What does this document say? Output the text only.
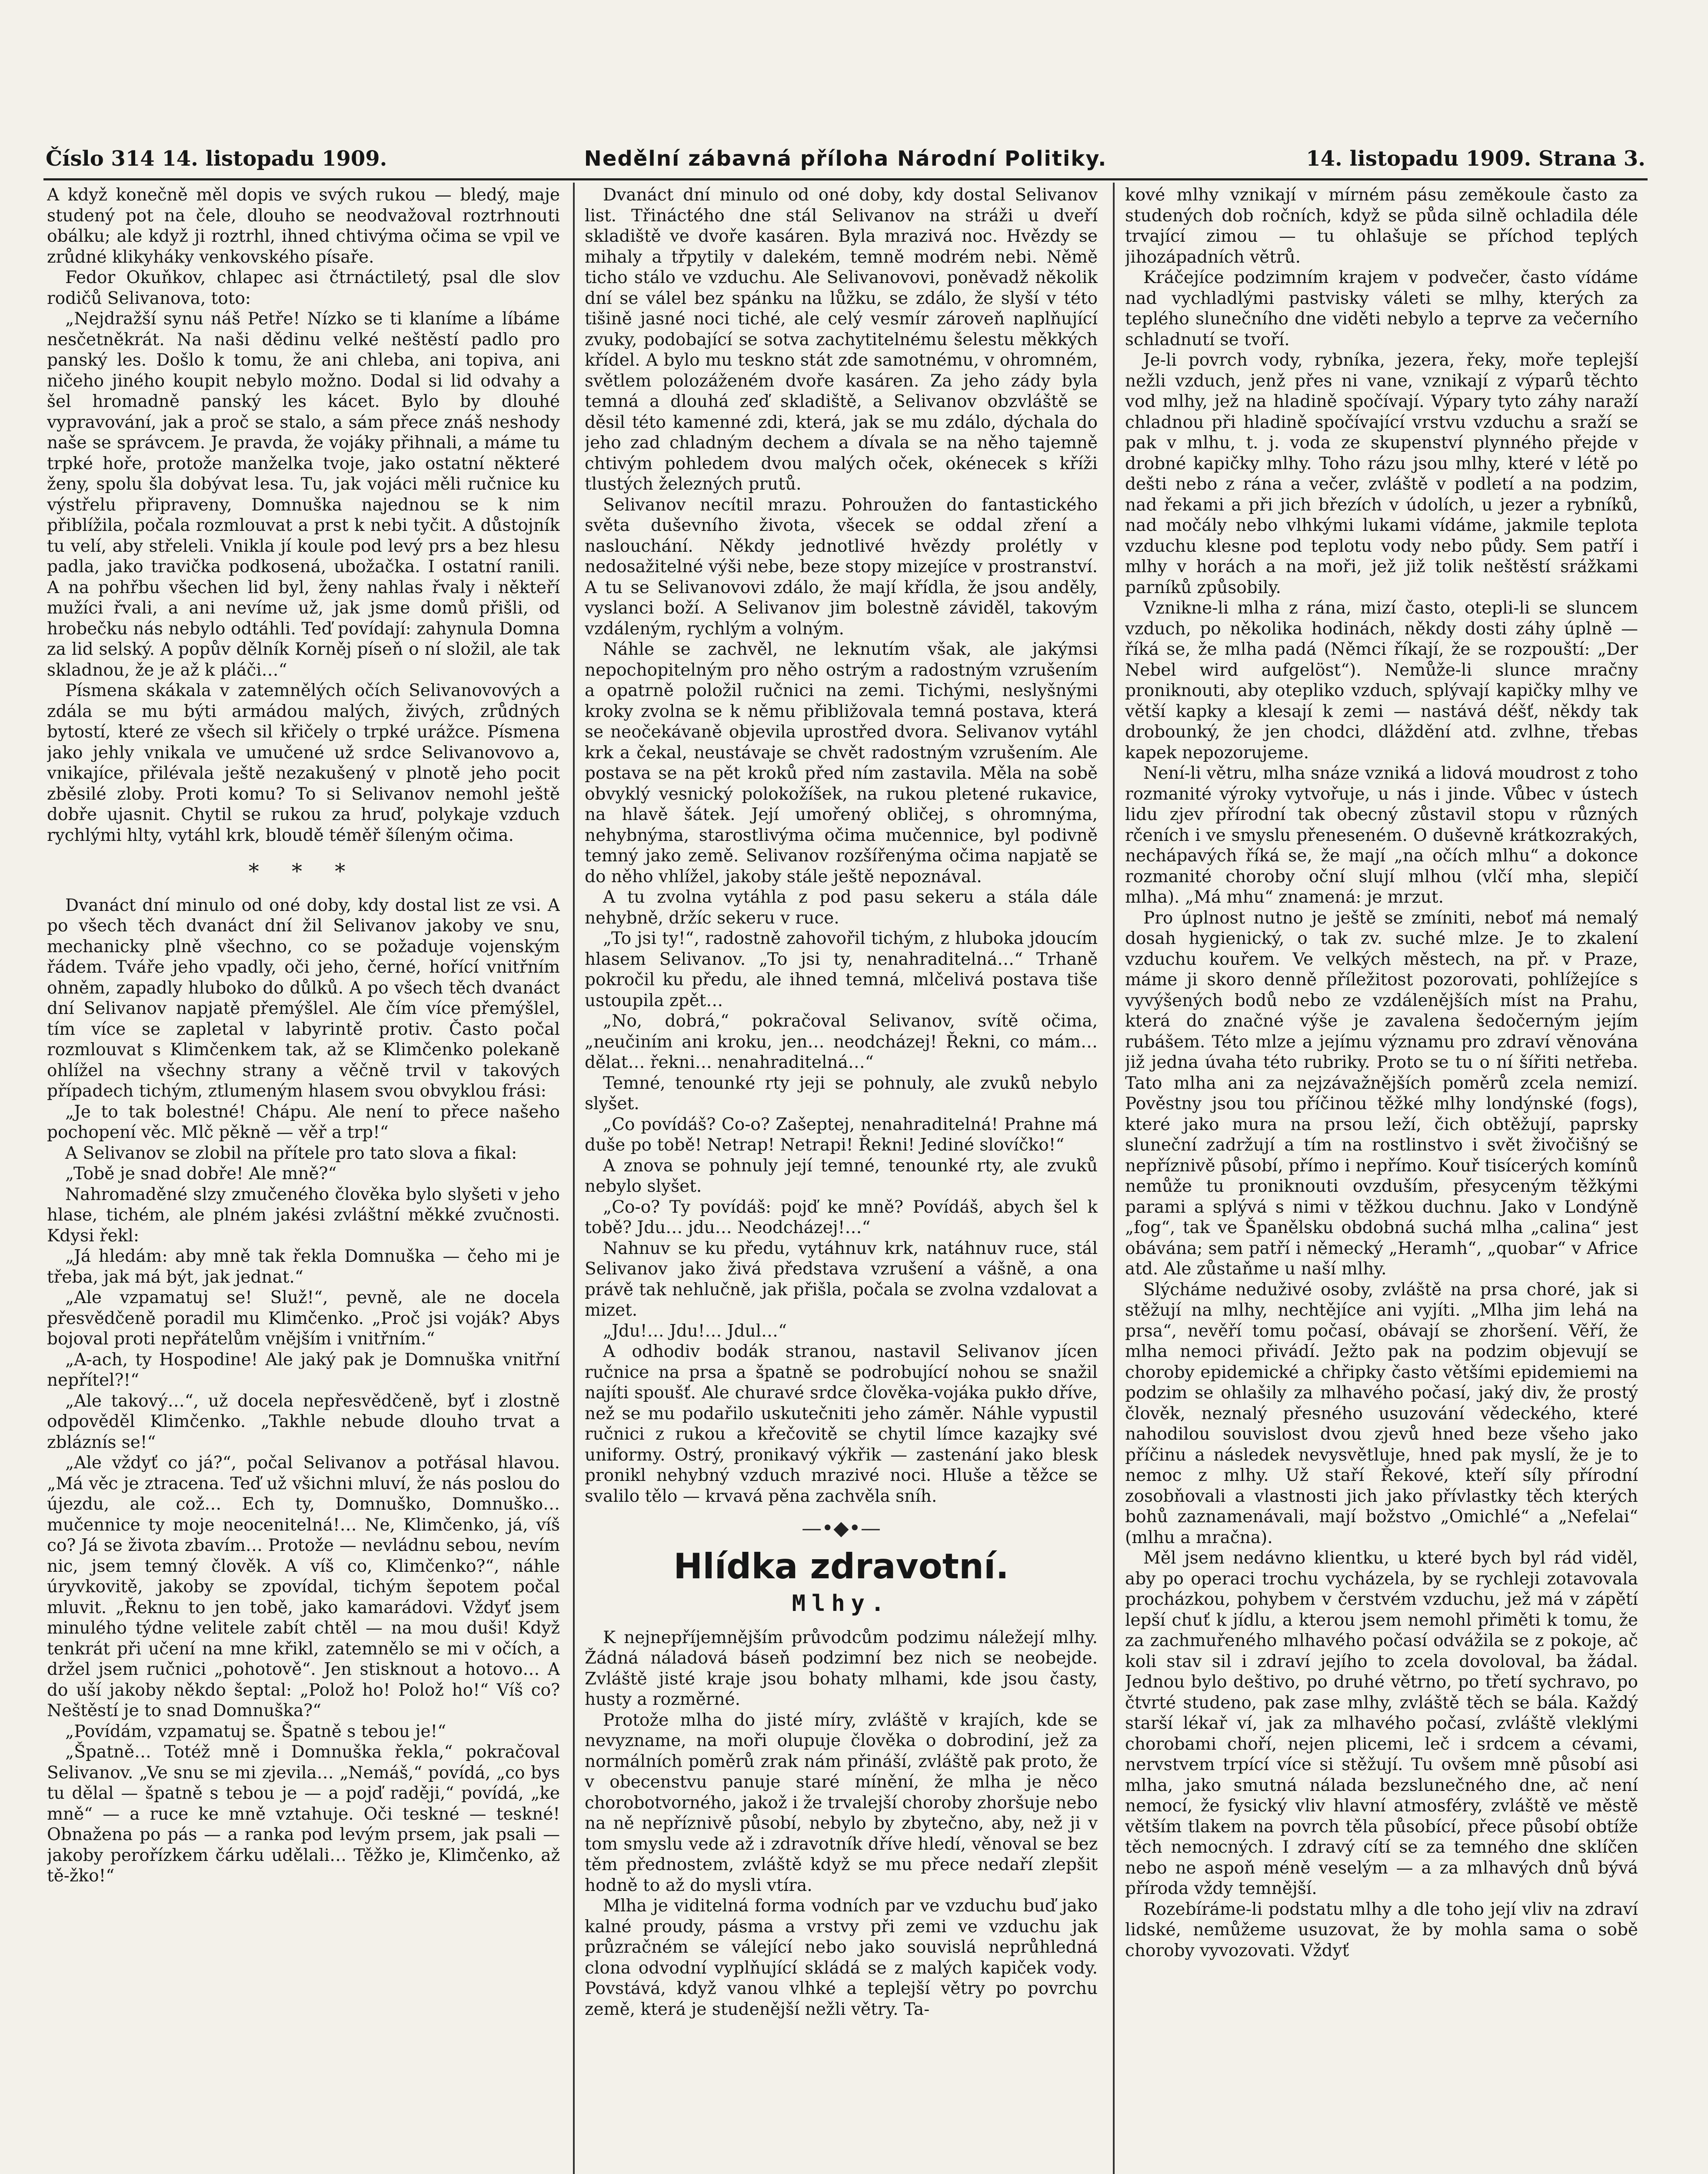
Číslo 314 14. listopadu 1909.	Nedělní zábavná příloha Národní Politiky.	14. listopadu 1909. Strana 3.

A když konečně měl dopis ve svých rukou — bledý, maje studený pot na čele, dlouho se neodvažoval roztrhnouti obálku; ale když ji roztrhl, ihned chtivýma očima se vpil ve zrůdné klikyháky venkovského písaře.

Fedor Okuňkov, chlapec asi čtrnáctiletý, psal dle slov rodičů Selivanova, toto:

„Nejdražší synu náš Petře! Nízko se ti klaníme a líbáme nesčetněkrát. Na naši dědinu velké neštěstí padlo pro panský les. Došlo k tomu, že ani chleba, ani topiva, ani ničeho jiného koupit nebylo možno. Dodal si lid odvahy a šel hromadně panský les kácet. Bylo by dlouhé vypravování, jak a proč se stalo, a sám přece znáš neshody naše se správcem. Je pravda, že vojáky přihnali, a máme tu trpké hoře, protože manželka tvoje, jako ostatní některé ženy, spolu šla dobývat lesa. Tu, jak vojáci měli ručnice ku výstřelu připraveny, Domnuška najednou se k nim přiblížila, počala rozmlouvat a prst k nebi tyčit. A důstojník tu velí, aby střeleli. Vnikla jí koule pod levý prs a bez hlesu padla, jako travička podkosená, ubožačka. I ostatní ranili. A na pohřbu všechen lid byl, ženy nahlas řvaly i někteří mužíci řvali, a ani nevíme už, jak jsme domů přišli, od hrobečku nás nebylo odtáhli. Teď povídají: zahynula Domna za lid selský. A popův dělník Korněj píseň o ní složil, ale tak skladnou, že je až k pláči…“

Písmena skákala v zatemnělých očích Selivanovových a zdála se mu býti armádou malých, živých, zrůdných bytostí, které ze všech sil křičely o trpké urážce. Písmena jako jehly vnikala ve umučené už srdce Selivanovovo a, vnikajíce, přilévala ještě nezakušený v plnotě jeho pocit zběsilé zloby. Proti komu? To si Selivanov nemohl ještě dobře ujasnit. Chytil se rukou za hruď, polykaje vzduch rychlými hlty, vytáhl krk, bloudě téměř šíleným očima.

* * *

Dvanáct dní minulo od oné doby, kdy dostal list ze vsi. A po všech těch dvanáct dní žil Selivanov jakoby ve snu, mechanicky plně všechno, co se požaduje vojenským řádem. Tváře jeho vpadly, oči jeho, černé, hořící vnitřním ohněm, zapadly hluboko do důlků. A po všech těch dvanáct dní Selivanov napjatě přemýšlel. Ale čím více přemýšlel, tím více se zapletal v labyrintě protiv. Často počal rozmlouvat s Klimčenkem tak, až se Klimčenko polekaně ohlížel na všechny strany a věčně trvil v takových případech tichým, ztlumeným hlasem svou obvyklou frási:

„Je to tak bolestné! Chápu. Ale není to přece našeho pochopení věc. Mlč pěkně — věř a trp!“

A Selivanov se zlobil na přítele pro tato slova a fikal:

„Tobě je snad dobře! Ale mně?“

Nahromaděné slzy zmučeného člověka bylo slyšeti v jeho hlase, tichém, ale plném jakési zvláštní měkké zvučnosti. Kdysi řekl:

„Já hledám: aby mně tak řekla Domnuška — čeho mi je třeba, jak má být, jak jednat.“

„Ale vzpamatuj se! Služ!“, pevně, ale ne docela přesvědčeně poradil mu Klimčenko. „Proč jsi voják? Abys bojoval proti nepřátelům vnějším i vnitřním.“

„A-ach, ty Hospodine! Ale jaký pak je Domnuška vnitřní nepřítel?!“

„Ale takový…“, už docela nepřesvědčeně, byť i zlostně odpověděl Klimčenko. „Takhle nebude dlouho trvat a zbláznís se!“

„Ale vždyť co já?“, počal Selivanov a potřásal hlavou. „Má věc je ztracena. Teď už všichni mluví, že nás poslou do újezdu, ale což… Ech ty, Domnuško, Domnuško… mučennice ty moje neocenitelná!… Ne, Klimčenko, já, víš co? Já se života zbavím… Protože — nevládnu sebou, nevím nic, jsem temný člověk. A víš co, Klimčenko?“, náhle úryvkovitě, jakoby se zpovídal, tichým šepotem počal mluvit. „Řeknu to jen tobě, jako kamarádovi. Vždyť jsem minulého týdne velitele zabít chtěl — na mou duši! Když tenkrát při učení na mne křikl, zatemnělo se mi v očích, a držel jsem ručnici „pohotově“. Jen stisknout a hotovo… A do uší jakoby někdo šeptal: „Polož ho! Polož ho!“ Víš co? Neštěstí je to snad Domnuška?“

„Povídám, vzpamatuj se. Špatně s tebou je!“

„Špatně… Totéž mně i Domnuška řekla,“ pokračoval Selivanov. „Ve snu se mi zjevila… „Nemáš,“ povídá, „co bys tu dělal — špatně s tebou je — a pojď raději,“ povídá, „ke mně“ — a ruce ke mně vztahuje. Oči teskné — teskné! Obnažena po pás — a ranka pod levým prsem, jak psali — jakoby perořízkem čárku udělali… Těžko je, Klimčenko, až tě-žko!“

Dvanáct dní minulo od oné doby, kdy dostal Selivanov list. Třináctého dne stál Selivanov na stráži u dveří skladiště ve dvoře kasáren. Byla mrazivá noc. Hvězdy se mihaly a třpytily v dalekém, temně modrém nebi. Němě ticho stálo ve vzduchu. Ale Selivanovovi, poněvadž několik dní se válel bez spánku na lůžku, se zdálo, že slyší v této tišině jasné noci tiché, ale celý vesmír zároveň naplňující zvuky, podobající se sotva zachytitelnému šelestu měkkých křídel. A bylo mu tesknо stát zde samotnému, v ohromném, světlem polozáženém dvoře kasáren. Za jeho zády byla temná a dlouhá zeď skladiště, a Selivanov obzvláště se děsil této kamenné zdi, která, jak se mu zdálo, dýchala do jeho zad chladným dechem a dívala se na něho tajemně chtivým pohledem dvou malých oček, okénecek s kříži tlustých železných prutů.

Selivanov necítil mrazu. Pohroužen do fantastického světa duševního života, všecek se oddal zření a naslouchání. Někdy jednotlivé hvězdy prolétly v nedosažitelné výši nebe, beze stopy mizejíce v prostranství. A tu se Selivanovovi zdálo, že mají křídla, že jsou anděly, vyslanci boží. A Selivanov jim bolestně záviděl, takovým vzdáleným, rychlým a volným.

Náhle se zachvěl, ne leknutím však, ale jakýmsi nepochopitelným pro něho ostrým a radostným vzrušením a opatrně položil ručnici na zemi. Tichými, neslyšnými kroky zvolna se k němu přibližovala temná postava, která se neočekávaně objevila uprostřed dvora. Selivanov vytáhl krk a čekal, neustávaje se chvět radostným vzrušením. Ale postava se na pět kroků před ním zastavila. Měla na sobě obvyklý vesnický polokožíšek, na rukou pletené rukavice, na hlavě šátek. Její umořený obličej, s ohromnýma, nehybnýma, starostlivýma očima mučennice, byl podivně temný jako země. Selivanov rozšířenýma očima napjatě se do něho vhlížel, jakoby stále ještě nepoznával.

A tu zvolna vytáhla z pod pasu sekeru a stála dále nehybně, držíc sekeru v ruce.

„To jsi ty!“, radostně zahovořil tichým, z hluboka jdoucím hlasem Selivanov. „To jsi ty, nenahraditelná…“ Trhaně pokročil ku předu, ale ihned temná, mlčelivá postava tiše ustoupila zpět…

„No, dobrá,“ pokračoval Selivanov, svítě očima, „neučiním ani kroku, jen… neodcházej! Řekni, co mám… dělat… řekni… nenahraditelná…“

Temné, tenounké rty jeji se pohnuly, ale zvuků nebylo slyšet.

„Co povídáš? Co-o? Zašeptej, nenahraditelná! Prahne má duše po tobě! Netrap! Netrapi! Řekni! Jediné slovíčko!“

A znova se pohnuly její temné, tenounké rty, ale zvuků nebylo slyšet.

„Co-o? Ty povídáš: pojď ke mně? Povídáš, abych šel k tobě? Jdu… jdu… Neodcházej!…“

Nahnuv se ku předu, vytáhnuv krk, natáhnuv ruce, stál Selivanov jako živá představa vzrušení a vášně, a ona právě tak nehlučně, jak přišla, počala se zvolna vzdalovat a mizet.

„Jdu!… Jdu!… Jdul…“

A odhodiv bodák stranou, nastavil Selivanov jícen ručnice na prsa a špatně se podrobující nohou se snažil najíti spoušť. Ale churavé srdce člověka-vojáka pukło dříve, než se mu podařilo uskutečniti jeho záměr. Náhle vypustil ručnici z rukou a křečovitě se chytil límce kazajky své uniformy. Ostrý, pronikavý výkřik — zastenání jako blesk pronikl nehybný vzduch mrazivé noci. Hluše a těžce se svalilo tělo — krvavá pěna zachvěla sníh.

—•◆•—
Hlídka zdravotní.
Mlhy.

K nejnepříjemnějším průvodcům podzimu náležejí mlhy. Žádná náladová báseň podzimní bez nich se neobejde. Zvláště jisté kraje jsou bohaty mlhami, kde jsou časty, husty a rozměrné.

Protože mlha do jisté míry, zvláště v krajích, kde se nevyzname, na moři olupuje člověka o dobrodiní, jež za normálních poměrů zrak nám přináší, zvláště pak proto, že v obecenstvu panuje staré mínění, že mlha je něco chorobotvorného, jakož i že trvalejší choroby zhoršuje nebo na ně nepříznivě působí, nebylo by zbytečno, aby, než ji v tom smyslu vede až i zdravotník dříve hledí, věnoval se bez těm přednostem, zvláště když se mu přece nedaří zlepšit hodně to až do mysli vtíra.

Mlha je viditelná forma vodních par ve vzduchu buď jako kalné proudy, pásma a vrstvy při zemi ve vzduchu jak průzračném se válející nebo jako souvislá neprůhledná clona odvodní vyplňující skládá se z malých kapiček vody. Povstává, když vanou vlhké a teplejší větry po povrchu země, která je studenější nežli větry. Ta-

kové mlhy vznikají v mírném pásu zeměkoule často za studených dob ročních, když se půda silně ochladila déle trvající zimou — tu ohlašuje se příchod teplých jihozápadních větrů.

Kráčejíce podzimním krajem v podvečer, často vídáme nad vychladlými pastvisky váleti se mlhy, kterých za teplého slunečního dne viděti nebylo a teprve za večerního schladnutí se tvoří.

Je-li povrch vody, rybníka, jezera, řeky, moře teplejší nežli vzduch, jenž přes ni vane, vznikají z výparů těchto vod mlhy, jež na hladině spočívají. Výpary tyto záhy naraží chladnou při hladině spočívající vrstvu vzduchu a sraží se pak v mlhu, t. j. voda ze skupenství plynného přejde v drobné kapičky mlhy. Toho rázu jsou mlhy, které v létě po dešti nebo z rána a večer, zvláště v podletí a na podzim, nad řekami a při jich březích v údolích, u jezer a rybníků, nad močály nebo vlhkými lukami vídáme, jakmile teplota vzduchu klesne pod teplotu vody nebo půdy. Sem patří i mlhy v horách a na moři, jež již tolik neštěstí srážkami parníků způsobily.

Vznikne-li mlha z rána, mizí často, otepli-li se sluncem vzduch, po několika hodinách, někdy dosti záhy úplně — říká se, že mlha padá (Němci říkají, že se rozpouští: „Der Nebel wird aufgelöst“). Nemůže-li slunce mračny proniknouti, aby otepliko vzduch, splývají kapičky mlhy ve větší kapky a klesají k zemi — nastává déšť, někdy tak drobounký, že jen chodci, dláždění atd. zvlhne, třebas kapek nepozorujeme.

Není-li větru, mlha snáze vzniká a lidová moudrost z toho rozmanité výroky vytvořuje, u nás i jinde. Vůbec v ústech lidu zjev přírodní tak obecný zůstavil stopu v různých rčeních i ve smyslu přeneseném. O duševně krátkozrakých, nechápavých říká se, že mají „na očích mlhu“ a dokonce rozmanité choroby oční slují mlhou (vlčí mha, slepičí mlha). „Má mhu“ znamená: je mrzut.

Pro úplnost nutno je ještě se zmíniti, neboť má nemalý dosah hygienický, o tak zv. suché mlze. Je to zkalení vzduchu kouřem. Ve velkých městech, na př. v Praze, máme ji skoro denně příležitost pozorovati, pohlížejíce s vyvýšených bodů nebo ze vzdálenějších míst na Prahu, která do značné výše je zavalena šedočerným jejím rubášem. Této mlze a jejímu významu pro zdraví věnována již jedna úvaha této rubriky. Proto se tu o ní šířiti netřeba. Tato mlha ani za nejzávažnějších poměrů zcela nemizí. Pověstny jsou tou příčinou těžké mlhy londýnské (fogs), které jako mura na prsou leží, čich obtěžují, paprsky sluneční zadržují a tím na rostlinstvo i svět živočišný se nepříznivě působí, přímo i nepřímo. Kouř tisícerých komínů nemůže tu proniknouti ovzduším, přesyceným těžkými parami a splývá s nimi v těžkou duchnu. Jako v Londýně „fog“, tak ve Španělsku obdobná suchá mlha „calina“ jest obávána; sem patří i německý „Heramh“, „quobar“ v Africe atd. Ale zůstaňme u naší mlhy.

Slýcháme neduživé osoby, zvláště na prsa choré, jak si stěžují na mlhy, nechtějíce ani vyjíti. „Mlha jim lehá na prsa“, nevěří tomu počasí, obávají se zhoršení. Věří, že mlha nemoci přivádí. Ježto pak na podzim objevují se choroby epidemické a chřipky často většími epidemiemi na podzim se ohlašily za mlhavého počasí, jaký div, že prostý člověk, neznalý přesného usuzování vědeckého, které nahodilou souvislost dvou zjevů hned beze všeho jako příčinu a následek nevysvětluje, hned pak myslí, že je to nemoc z mlhy. Už staří Řekové, kteří síly přírodní zosobňovali a vlastnosti jich jako přívlastky těch kterých bohů zaznamenávali, mají božstvo „Omichlé“ a „Nefelai“ (mlhu a mračna).

Měl jsem nedávno klientku, u které bych byl rád viděl, aby po operaci trochu vycházela, by se rychleji zotavovala procházkou, pohybem v čerstvém vzduchu, jež má v zápětí lepší chuť k jídlu, a kterou jsem nemohl přiměti k tomu, že za zachmuřeného mlhavého počasí odvážila se z pokoje, ač koli stav sil i zdraví jejího to zcela dovoloval, ba žádal. Jednou bylo deštivo, po druhé větrno, po třetí sychravo, po čtvrté studeno, pak zase mlhy, zvláště těch se bála. Každý starší lékař ví, jak za mlhavého počasí, zvláště vleklými chorobami choří, nejen plicemi, leč i srdcem a cévami, nervstvem trpící více si stěžují. Tu ovšem mně působí asi mlha, jako smutná nálada bezslunečného dne, ač není nemocí, že fysický vliv hlavní atmosféry, zvláště ve městě větším tlakem na povrch těla působící, přece působí obtíže těch nemocných. I zdravý cítí se za temného dne sklíčen nebo ne aspoň méně veselým — a za mlhavých dnů bývá příroda vždy temnější.

Rozebíráme-li podstatu mlhy a dle toho její vliv na zdraví lidské, nemůžeme usuzovat, že by mohla sama o sobě choroby vyvozovati. Vždyť
